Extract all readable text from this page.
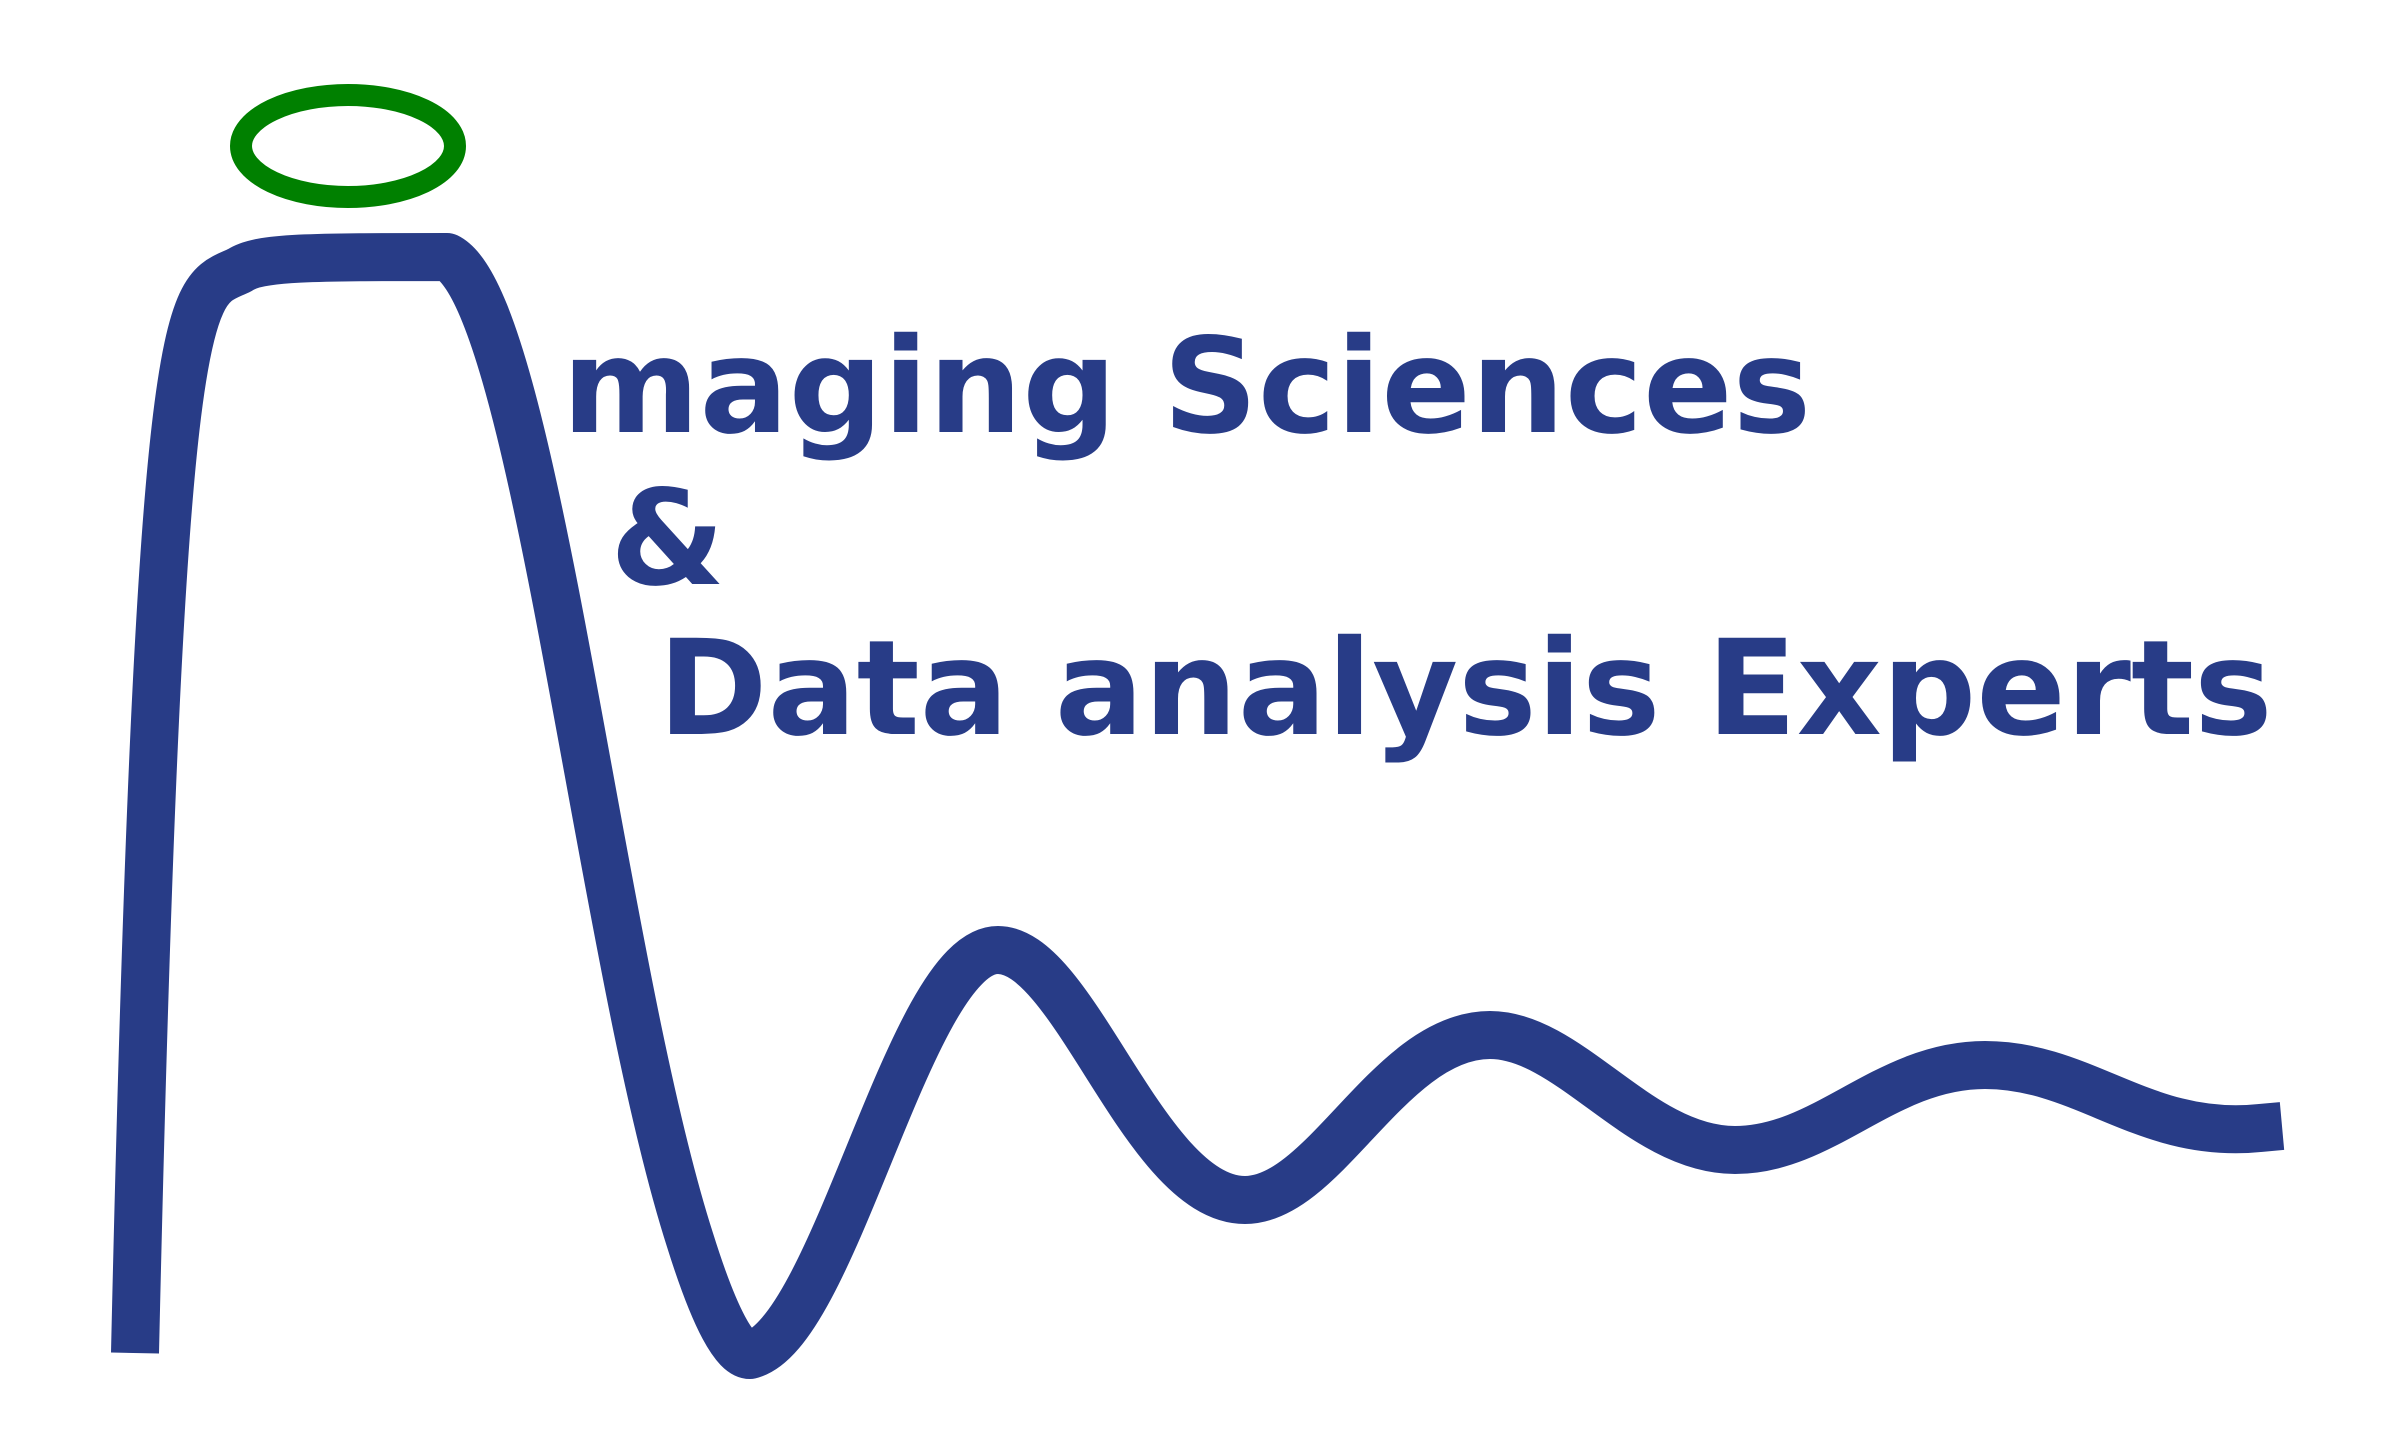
maging Sciences
&
Data analysis Experts
